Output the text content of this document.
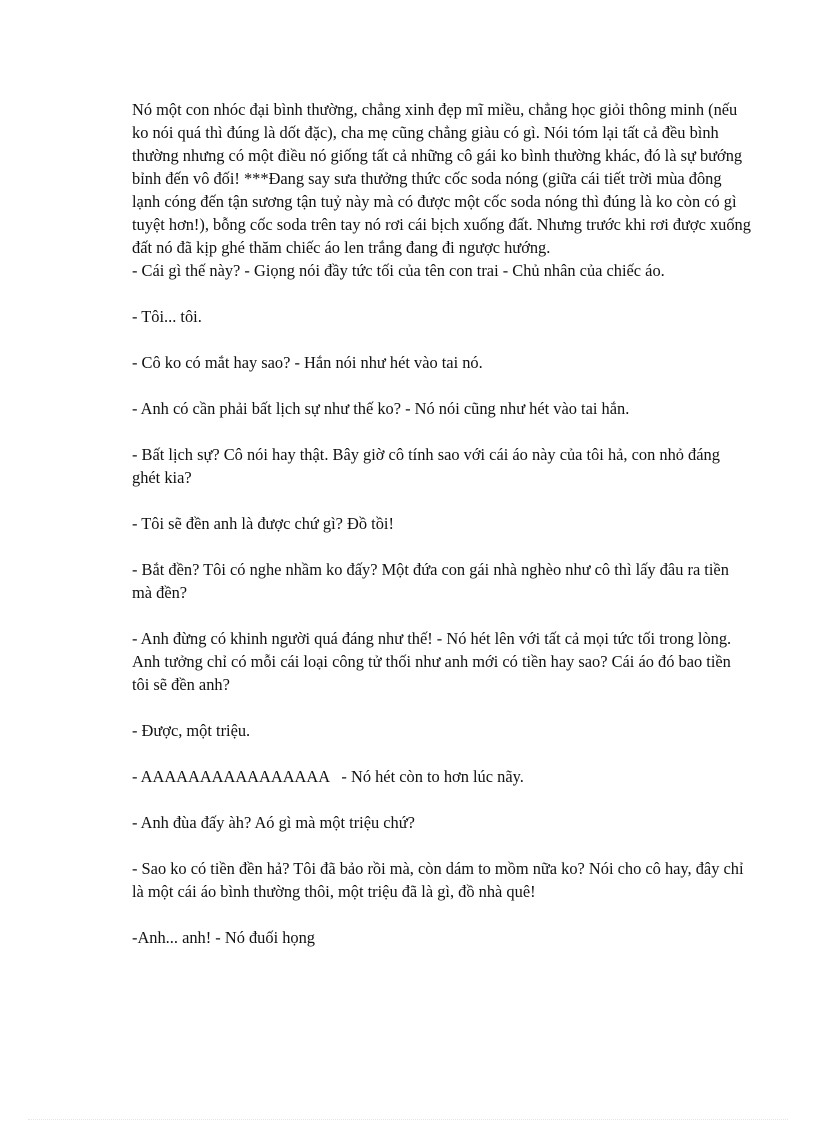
Nó một con nhóc đại bình thường, chẳng xinh đẹp mĩ miều, chẳng học giỏi thông minh (nếu ko nói quá thì đúng là dốt đặc), cha mẹ cũng chẳng giàu có gì. Nói tóm lại tất cả đều bình thường nhưng có một điều nó giống tất cả những cô gái ko bình thường khác, đó là sự bướng bỉnh đến vô đối! ***Đang say sưa thưởng thức cốc soda nóng (giữa cái tiết trời mùa đông lạnh cóng đến tận sương tận tuỷ này mà có được một cốc soda nóng thì đúng là ko còn có gì tuyệt hơn!), bỗng cốc soda trên tay nó rơi cái bịch xuống đất. Nhưng trước khi rơi được xuống đất nó đã kịp ghé thăm chiếc áo len trắng đang đi ngược hướng.

- Cái gì thế này? - Giọng nói đầy tức tối của tên con trai - Chủ nhân của chiếc áo.

- Tôi... tôi.

- Cô ko có mắt hay sao? - Hắn nói như hét vào tai nó.

- Anh có cần phải bất lịch sự như thế ko? - Nó nói cũng như hét vào tai hắn.

- Bất lịch sự? Cô nói hay thật. Bây giờ cô tính sao với cái áo này của tôi hả, con nhỏ đáng ghét kia?

- Tôi sẽ đền anh là được chứ gì? Đồ tồi!

- Bắt đền? Tôi có nghe nhầm ko đấy? Một đứa con gái nhà nghèo như cô thì lấy đâu ra tiền mà đền?

- Anh đừng có khinh người quá đáng như thế! - Nó hét lên với tất cả mọi tức tối trong lòng. Anh tưởng chỉ có mỗi cái loại công tử thối như anh mới có tiền hay sao? Cái áo đó bao tiền tôi sẽ đền anh?

- Được, một triệu.

- AAAAAAAAAAAAAAAA   - Nó hét còn to hơn lúc nãy.

- Anh đùa đấy àh? Aó gì mà một triệu chứ?

- Sao ko có tiền đền hả? Tôi đã bảo rồi mà, còn dám to mồm nữa ko? Nói cho cô hay, đây chỉ là một cái áo bình thường thôi, một triệu đã là gì, đồ nhà quê!

-Anh... anh! - Nó đuối họng
